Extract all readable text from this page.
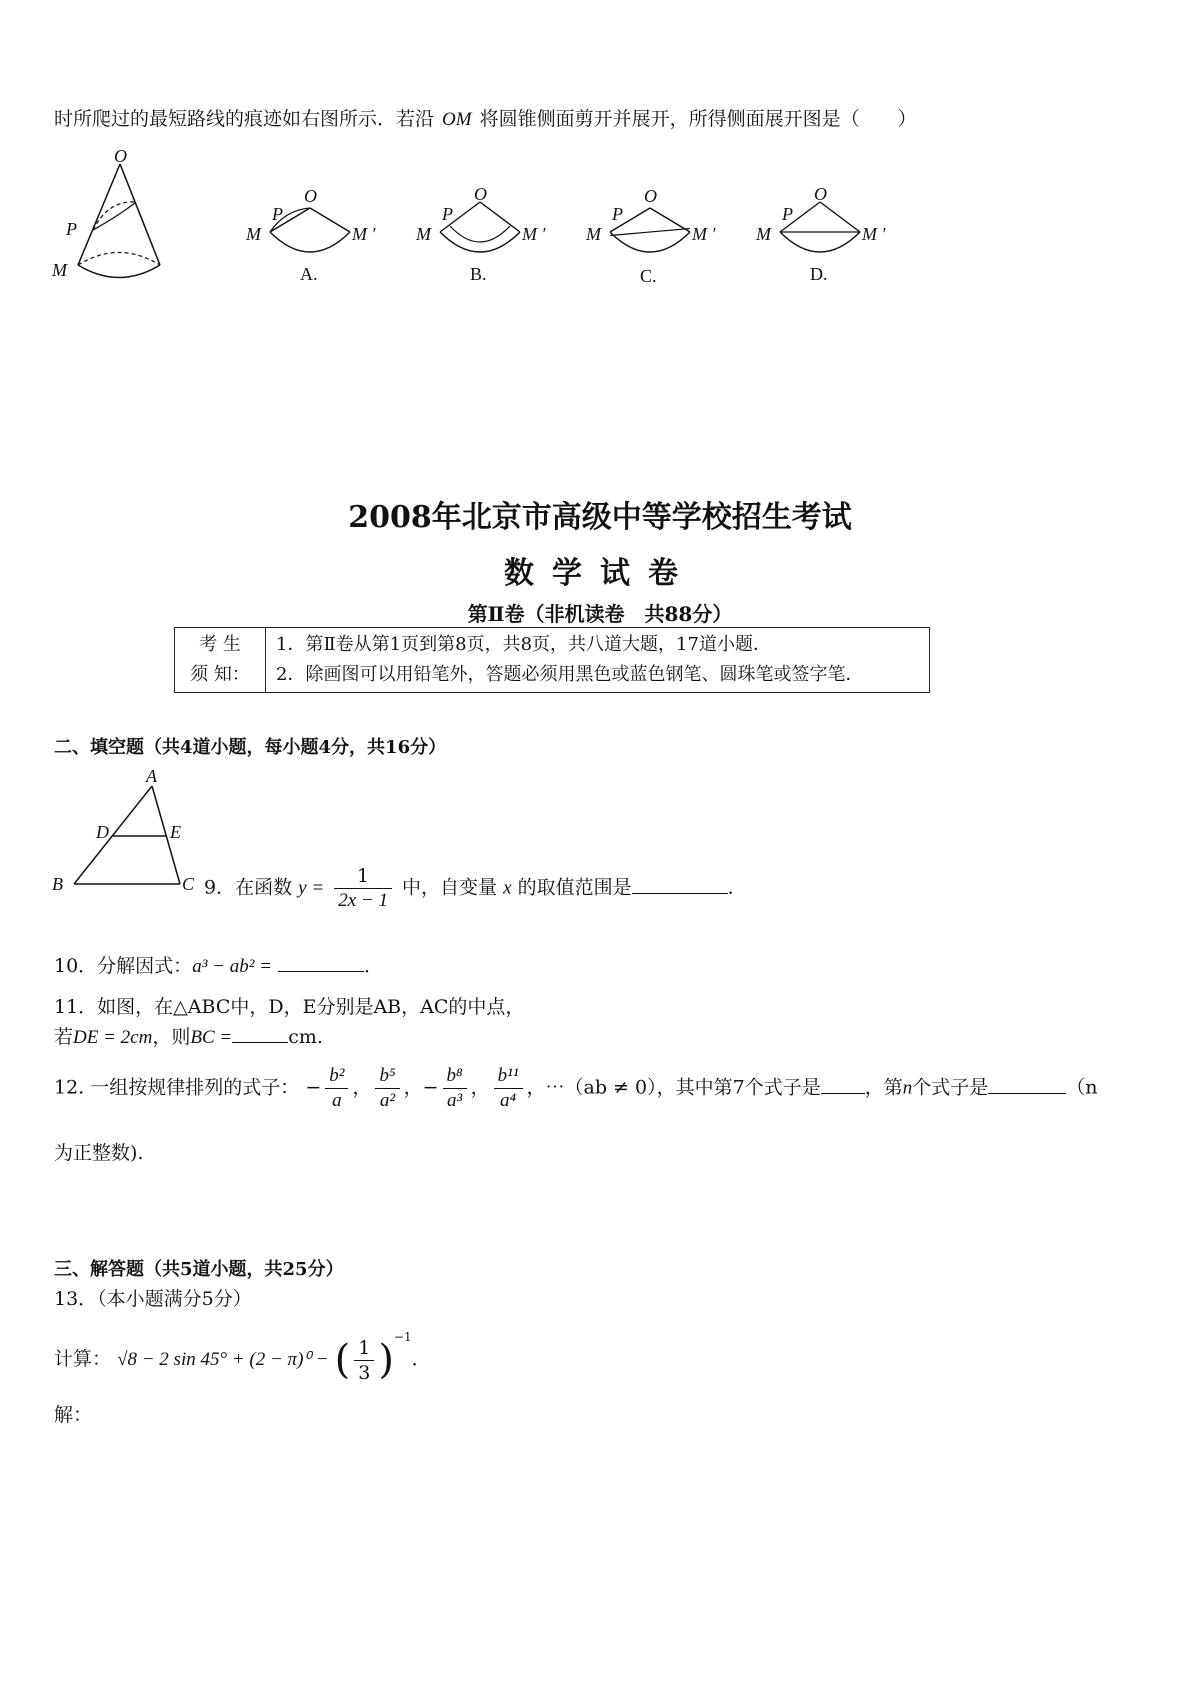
时所爬过的最短路线的痕迹如右图所示．若沿 OM 将圆锥侧面剪开并展开，所得侧面展开图是（　　）
O
P
M
O
P
M	M ′
A.
O
P
M	M ′
B.
O
P
M	M ′
C.
O
P
M	M ′
D.
2008年北京市高级中等学校招生考试
数学试卷
第Ⅱ卷（非机读卷　共88分）
考 生
须 知：

1．第Ⅱ卷从第1页到第8页，共8页，共八道大题，17道小题．
2．除画图可以用铅笔外，答题必须用黑色或蓝色钢笔、圆珠笔或签字笔．
二、填空题（共4道小题，每小题4分，共16分）
A
B	C
D	E
9．在函数 $y = \frac{1}{2x - 1}$ 中，自变量 x 的取值范围是	．
10．分解因式：a³ − ab² =	．
11．如图，在△ABC中，D，E分别是AB，AC的中点，
若DE = 2cm，则BC =	cm.
12. 一组按规律排列的式子： − $\frac{\text{b²}}{a}$ ， $\frac{\text{b⁵}}{\text{a²}}$ ，− $\frac{\text{b⁸}}{\text{a³}}$ ， $\frac{\text{b¹¹}}{\text{a⁴}}$ ，⋯（ab ≠ 0），其中第7个式子是 ，第n个式子是	（n
为正整数).
三、解答题（共5道小题，共25分）
13．（本小题满分5分）
计算： √8 − 2 sin 45° + (2 − π)⁰ − ( $\frac{1}{3} )^{-1}$．
解：
